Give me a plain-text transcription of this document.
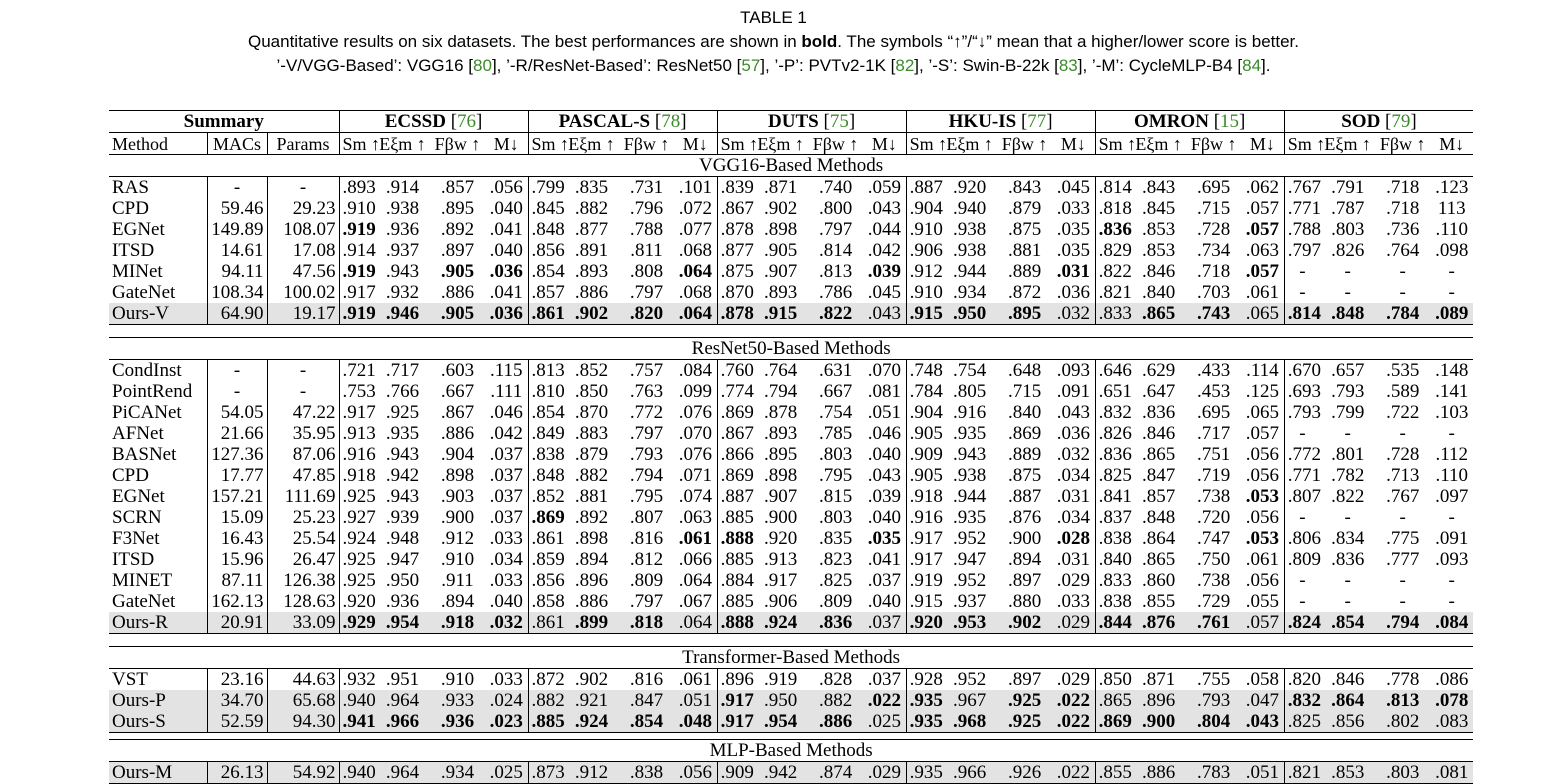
TABLE 1
Quantitative results on six datasets. The best performances are shown in bold. The symbols “↑”/“↓” mean that a higher/lower score is better.
’-V/VGG-Based’: VGG16 [80], ’-R/ResNet-Based’: ResNet50 [57], ’-P’: PVTv2-1K [82], ’-S’: Swin-B-22k [83], ’-M’: CycleMLP-B4 [84].
Summary			ECSSD [76]				PASCAL-S [78]				DUTS [75]				HKU-IS [77]				OMRON [15]				SOD [79]			
Method	MACs	Params	Sm ↑	Eξm ↑	Fβw ↑	M↓	Sm ↑	Eξm ↑	Fβw ↑	M↓	Sm ↑	Eξm ↑	Fβw ↑	M↓	Sm ↑	Eξm ↑	Fβw ↑	M↓	Sm ↑	Eξm ↑	Fβw ↑	M↓	Sm ↑	Eξm ↑	Fβw ↑	M↓
VGG16-Based Methods																										
RAS	-	-	.893	.914	.857	.056	.799	.835	.731	.101	.839	.871	.740	.059	.887	.920	.843	.045	.814	.843	.695	.062	.767	.791	.718	.123
CPD	59.46	29.23	.910	.938	.895	.040	.845	.882	.796	.072	.867	.902	.800	.043	.904	.940	.879	.033	.818	.845	.715	.057	.771	.787	.718	113
EGNet	149.89	108.07	.919	.936	.892	.041	.848	.877	.788	.077	.878	.898	.797	.044	.910	.938	.875	.035	.836	.853	.728	.057	.788	.803	.736	.110
ITSD	14.61	17.08	.914	.937	.897	.040	.856	.891	.811	.068	.877	.905	.814	.042	.906	.938	.881	.035	.829	.853	.734	.063	.797	.826	.764	.098
MINet	94.11	47.56	.919	.943	.905	.036	.854	.893	.808	.064	.875	.907	.813	.039	.912	.944	.889	.031	.822	.846	.718	.057	-	-	-	-
GateNet	108.34	100.02	.917	.932	.886	.041	.857	.886	.797	.068	.870	.893	.786	.045	.910	.934	.872	.036	.821	.840	.703	.061	-	-	-	-
Ours-V	64.90	19.17	.919	.946	.905	.036	.861	.902	.820	.064	.878	.915	.822	.043	.915	.950	.895	.032	.833	.865	.743	.065	.814	.848	.784	.089

ResNet50-Based Methods																										
CondInst	-	-	.721	.717	.603	.115	.813	.852	.757	.084	.760	.764	.631	.070	.748	.754	.648	.093	.646	.629	.433	.114	.670	.657	.535	.148
PointRend	-	-	.753	.766	.667	.111	.810	.850	.763	.099	.774	.794	.667	.081	.784	.805	.715	.091	.651	.647	.453	.125	.693	.793	.589	.141
PiCANet	54.05	47.22	.917	.925	.867	.046	.854	.870	.772	.076	.869	.878	.754	.051	.904	.916	.840	.043	.832	.836	.695	.065	.793	.799	.722	.103
AFNet	21.66	35.95	.913	.935	.886	.042	.849	.883	.797	.070	.867	.893	.785	.046	.905	.935	.869	.036	.826	.846	.717	.057	-	-	-	-
BASNet	127.36	87.06	.916	.943	.904	.037	.838	.879	.793	.076	.866	.895	.803	.040	.909	.943	.889	.032	.836	.865	.751	.056	.772	.801	.728	.112
CPD	17.77	47.85	.918	.942	.898	.037	.848	.882	.794	.071	.869	.898	.795	.043	.905	.938	.875	.034	.825	.847	.719	.056	.771	.782	.713	.110
EGNet	157.21	111.69	.925	.943	.903	.037	.852	.881	.795	.074	.887	.907	.815	.039	.918	.944	.887	.031	.841	.857	.738	.053	.807	.822	.767	.097
SCRN	15.09	25.23	.927	.939	.900	.037	.869	.892	.807	.063	.885	.900	.803	.040	.916	.935	.876	.034	.837	.848	.720	.056	-	-	-	-
F3Net	16.43	25.54	.924	.948	.912	.033	.861	.898	.816	.061	.888	.920	.835	.035	.917	.952	.900	.028	.838	.864	.747	.053	.806	.834	.775	.091
ITSD	15.96	26.47	.925	.947	.910	.034	.859	.894	.812	.066	.885	.913	.823	.041	.917	.947	.894	.031	.840	.865	.750	.061	.809	.836	.777	.093
MINET	87.11	126.38	.925	.950	.911	.033	.856	.896	.809	.064	.884	.917	.825	.037	.919	.952	.897	.029	.833	.860	.738	.056	-	-	-	-
GateNet	162.13	128.63	.920	.936	.894	.040	.858	.886	.797	.067	.885	.906	.809	.040	.915	.937	.880	.033	.838	.855	.729	.055	-	-	-	-
Ours-R	20.91	33.09	.929	.954	.918	.032	.861	.899	.818	.064	.888	.924	.836	.037	.920	.953	.902	.029	.844	.876	.761	.057	.824	.854	.794	.084

Transformer-Based Methods																										
VST	23.16	44.63	.932	.951	.910	.033	.872	.902	.816	.061	.896	.919	.828	.037	.928	.952	.897	.029	.850	.871	.755	.058	.820	.846	.778	.086
Ours-P	34.70	65.68	.940	.964	.933	.024	.882	.921	.847	.051	.917	.950	.882	.022	.935	.967	.925	.022	.865	.896	.793	.047	.832	.864	.813	.078
Ours-S	52.59	94.30	.941	.966	.936	.023	.885	.924	.854	.048	.917	.954	.886	.025	.935	.968	.925	.022	.869	.900	.804	.043	.825	.856	.802	.083

MLP-Based Methods																										
Ours-M	26.13	54.92	.940	.964	.934	.025	.873	.912	.838	.056	.909	.942	.874	.029	.935	.966	.926	.022	.855	.886	.783	.051	.821	.853	.803	.081
